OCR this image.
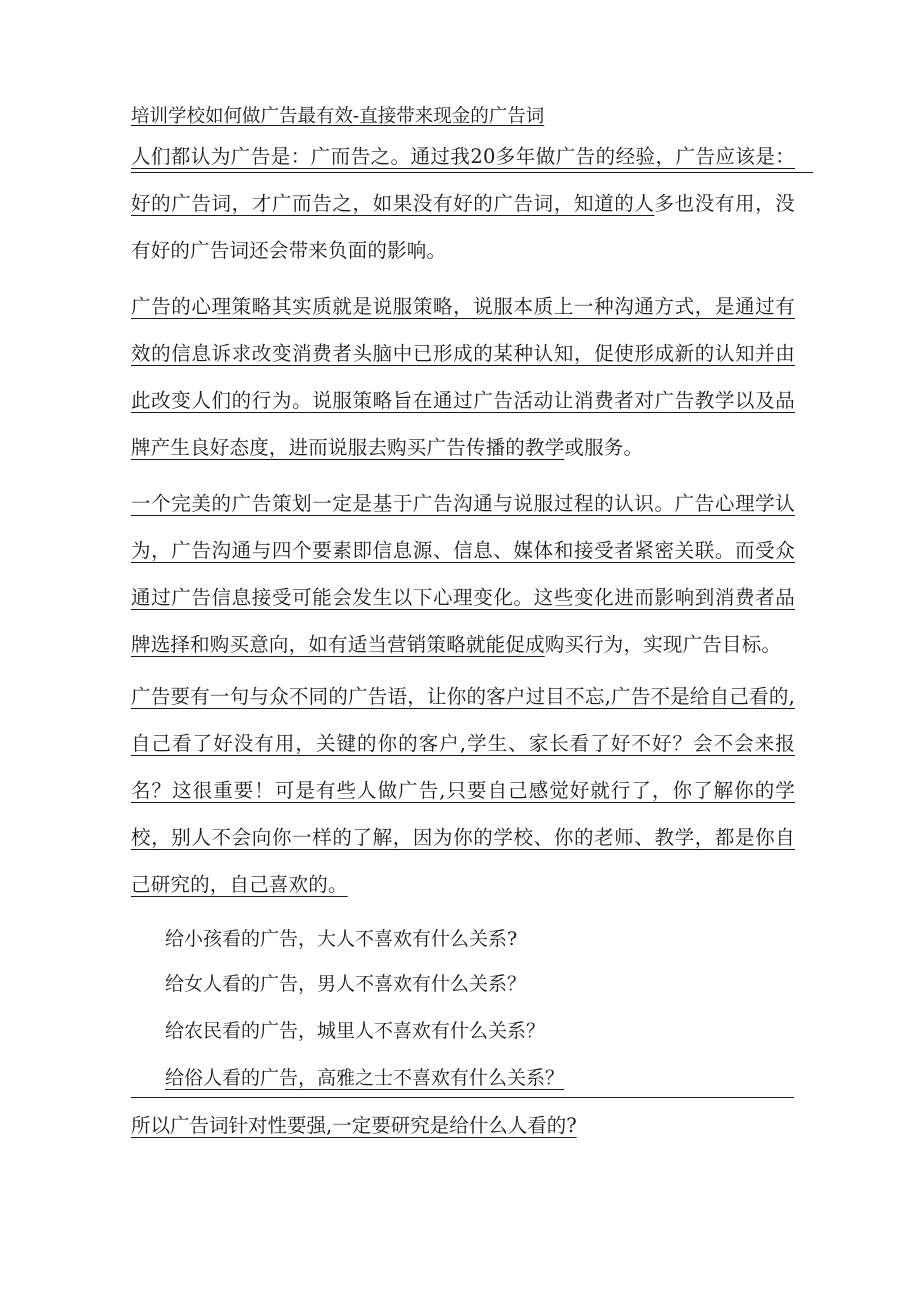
培训学校如何做广告最有效-直接带来现金的广告词
人们都认为广告是：广而告之。通过我20多年做广告的经验，广告应该是：好的广告词，才广而告之，如果没有好的广告词，知道的人多也没有用，没有好的广告词还会带来负面的影响。
广告的心理策略其实质就是说服策略，说服本质上一种沟通方式，是通过有效的信息诉求改变消费者头脑中已形成的某种认知，促使形成新的认知并由此改变人们的行为。说服策略旨在通过广告活动让消费者对广告教学以及品牌产生良好态度，进而说服去购买广告传播的教学或服务。
一个完美的广告策划一定是基于广告沟通与说服过程的认识。广告心理学认为，广告沟通与四个要素即信息源、信息、媒体和接受者紧密关联。而受众通过广告信息接受可能会发生以下心理变化。这些变化进而影响到消费者品牌选择和购买意向，如有适当营销策略就能促成购买行为，实现广告目标。
广告要有一句与众不同的广告语，让你的客户过目不忘,广告不是给自己看的,自己看了好没有用，关键的你的客户,学生、家长看了好不好？会不会来报名？这很重要！可是有些人做广告,只要自己感觉好就行了，你了解你的学校，别人不会向你一样的了解，因为你的学校、你的老师、教学，都是你自己研究的，自己喜欢的。
给小孩看的广告，大人不喜欢有什么关系?
给女人看的广告，男人不喜欢有什么关系？
给农民看的广告，城里人不喜欢有什么关系？
给俗人看的广告，高雅之士不喜欢有什么关系？
所以广告词针对性要强,一定要研究是给什么人看的?
